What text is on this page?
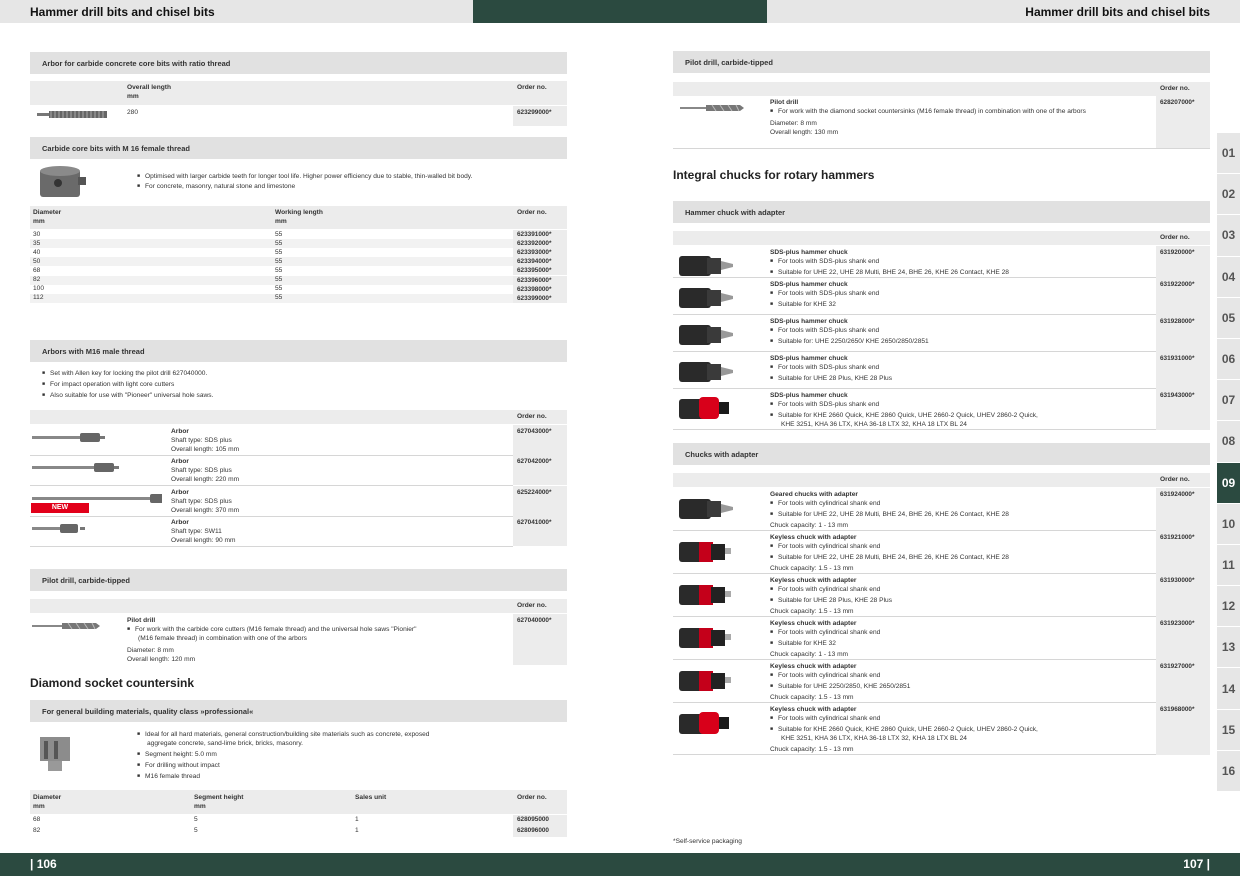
Hammer drill bits and chisel bits	Hammer drill bits and chisel bits
| 106	107 |
Arbor for carbide concrete core bits with ratio thread
Overall length
mm
Order no.
280	623299000*
Carbide core bits with M 16 female thread
■ Optimised with larger carbide teeth for longer tool life. Higher power efficiency due to stable, thin-walled bit body.
■ For concrete, masonry, natural stone and limestone
Diameter
mm
Working length
mm
Order no.
30	55	623391000*
35	55	623392000*
40	55	623393000*
50	55	623394000*
68	55	623395000*
82	55	623396000*
100	55	623398000*
112	55	623399000*
Arbors with M16 male thread
■ Set with Allen key for locking the pilot drill 627040000.
■ For impact operation with light core cutters
■ Also suitable for use with "Pioneer" universal hole saws.
Order no.
Arbor
Shaft type: SDS plus
Overall length: 105 mm
627043000*
Arbor
Shaft type: SDS plus
Overall length: 220 mm
627042000*
Arbor
Shaft type: SDS plus
Overall length: 370 mm
625224000*
Arbor
Shaft type: SW11
Overall length: 90 mm
627041000*
NEW
Pilot drill, carbide-tipped
Order no.
Pilot drill
■ For work with the carbide core cutters (M16 female thread) and the universal hole saws "Pionier"
(M16 female thread) in combination with one of the arbors
Diameter: 8 mm
Overall length: 120 mm
627040000*
Diamond socket countersink
For general building materials, quality class »professional«
■ Ideal for all hard materials, general construction/building site materials such as concrete, exposed
aggregate concrete, sand-lime brick, bricks, masonry.
■ Segment height: 5.0 mm
■ For drilling without impact
■ M16 female thread
Diameter
mm
Segment height
mm
Sales unit	Order no.
68	5	1	628095000
82	5	1	628096000
Pilot drill, carbide-tipped
Order no.
Pilot drill
■ For work with the diamond socket countersinks (M16 female thread) in combination with one of the arbors
Diameter: 8 mm
Overall length: 130 mm
628207000*
Integral chucks for rotary hammers
Hammer chuck with adapter
Order no.
SDS-plus hammer chuck
■ For tools with SDS-plus shank end
■ Suitable for UHE 22, UHE 28 Multi, BHE 24, BHE 26, KHE 26 Contact, KHE 28
631920000*
SDS-plus hammer chuck
■ For tools with SDS-plus shank end
■ Suitable for KHE 32
631922000*
SDS-plus hammer chuck
■ For tools with SDS-plus shank end
■ Suitable for: UHE 2250/2650/ KHE 2650/2850/2851
631928000*
SDS-plus hammer chuck
■ For tools with SDS-plus shank end
■ Suitable for UHE 28 Plus, KHE 28 Plus
631931000*
SDS-plus hammer chuck
■ For tools with SDS-plus shank end
■ Suitable for KHE 2660 Quick, KHE 2860 Quick, UHE 2660-2 Quick, UHEV 2860-2 Quick,
KHE 3251, KHA 36 LTX, KHA 36-18 LTX 32, KHA 18 LTX BL 24
631943000*
Chucks with adapter
Order no.
Geared chucks with adapter
■ For tools with cylindrical shank end
■ Suitable for UHE 22, UHE 28 Multi, BHE 24, BHE 26, KHE 26 Contact, KHE 28
Chuck capacity: 1 - 13 mm
631924000*
Keyless chuck with adapter
■ For tools with cylindrical shank end
■ Suitable for UHE 22, UHE 28 Multi, BHE 24, BHE 26, KHE 26 Contact, KHE 28
Chuck capacity: 1.5 - 13 mm
631921000*
Keyless chuck with adapter
■ For tools with cylindrical shank end
■ Suitable for UHE 28 Plus, KHE 28 Plus
Chuck capacity: 1.5 - 13 mm
631930000*
Keyless chuck with adapter
■ For tools with cylindrical shank end
■ Suitable for KHE 32
Chuck capacity: 1 - 13 mm
631923000*
Keyless chuck with adapter
■ For tools with cylindrical shank end
■ Suitable for UHE 2250/2850, KHE 2650/2851
Chuck capacity: 1.5 - 13 mm
631927000*
Keyless chuck with adapter
■ For tools with cylindrical shank end
■ Suitable for KHE 2660 Quick, KHE 2860 Quick, UHE 2660-2 Quick, UHEV 2860-2 Quick,
KHE 3251, KHA 36 LTX, KHA 36-18 LTX 32, KHA 18 LTX BL 24
Chuck capacity: 1.5 - 13 mm
631968000*
*Self-service packaging
01
02
03
04
05
06
07
08
09
10
11
12
13
14
15
16
